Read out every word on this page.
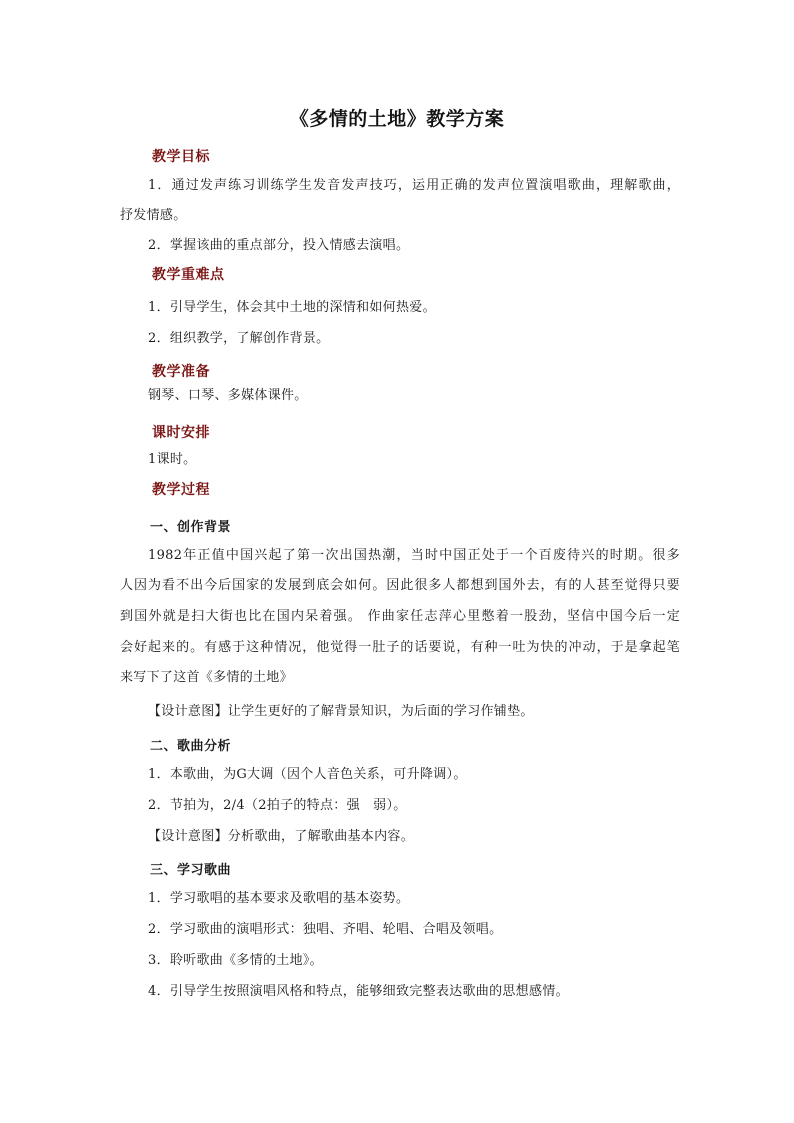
《多情的土地》教学方案
教学目标
1．通过发声练习训练学生发音发声技巧，运用正确的发声位置演唱歌曲，理解歌曲，
抒发情感。
2．掌握该曲的重点部分，投入情感去演唱。
教学重难点
1．引导学生，体会其中土地的深情和如何热爱。
2．组织教学，了解创作背景。
教学准备
钢琴、口琴、多媒体课件。
课时安排
1课时。
教学过程
一、创作背景
1982年正值中国兴起了第一次出国热潮，当时中国正处于一个百废待兴的时期。很多
人因为看不出今后国家的发展到底会如何。因此很多人都想到国外去，有的人甚至觉得只要
到国外就是扫大街也比在国内呆着强。 作曲家任志萍心里憋着一股劲，坚信中国今后一定
会好起来的。有感于这种情况，他觉得一肚子的话要说，有种一吐为快的冲动，于是拿起笔
来写下了这首《多情的土地》
【设计意图】让学生更好的了解背景知识，为后面的学习作铺垫。
二、歌曲分析
1．本歌曲，为G大调（因个人音色关系，可升降调）。
2．节拍为，2/4（2拍子的特点：强　弱）。
【设计意图】分析歌曲，了解歌曲基本内容。
三、学习歌曲
1．学习歌唱的基本要求及歌唱的基本姿势。
2．学习歌曲的演唱形式：独唱、齐唱、轮唱、合唱及领唱。
3．聆听歌曲《多情的土地》。
4．引导学生按照演唱风格和特点，能够细致完整表达歌曲的思想感情。
